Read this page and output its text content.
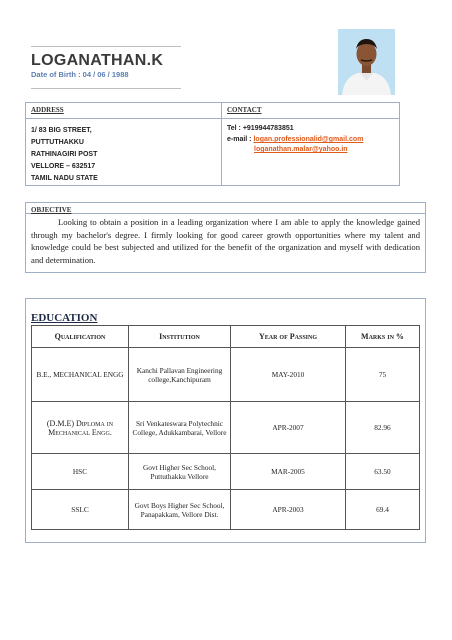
LOGANATHAN.K
Date of Birth : 04 / 06 / 1988
ADDRESS	CONTACT
1/ 83 BIG STREET,
PUTTUTHAKKU
RATHINAGIRI POST
VELLORE – 632517
TAMIL NADU STATE
Tel : +919944783851
e-mail : logan.professionalid@gmail.com
loganathan.malar@yahoo.in
OBJECTIVE
Looking to obtain a position in a leading organization where I am able to apply the knowledge gained through my bachelor's degree. I firmly looking for good career growth opportunities where my talent and knowledge could be best subjected and utilized for the benefit of the organization and myself with dedication and determination.
EDUCATION
Qualification	Institution	Year of Passing	Marks in %
B.E., MECHANICAL ENGG	Kanchi Pallavan Engineering college,Kanchipuram	MAY-2010	75
(D.M.E) Diploma in Mechanical Engg.	Sri Venkateswara Polytechnic College, Adukkambarai, Vellore	APR-2007	82.96
HSC	Govt Higher Sec School, Puttuthakku Vellore	MAR-2005	63.50
SSLC	Govt Boys Higher Sec School, Panapakkam, Vellore Dist.	APR-2003	69.4
